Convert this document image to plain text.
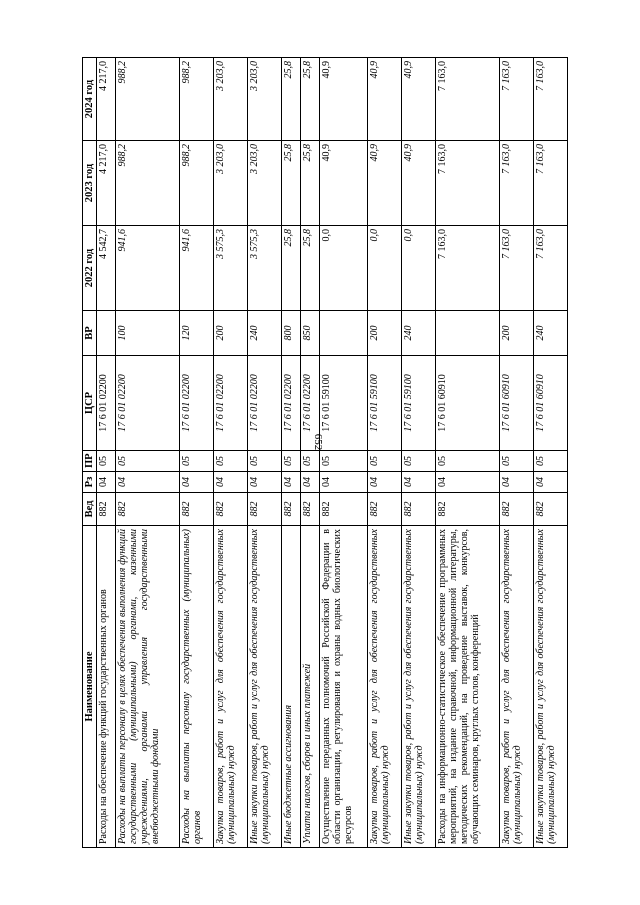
652
Наименование	Вед	Рз	ПР	ЦСР	ВР	2022 год	2023 год	2024 год
Расходы на обеспечение функций государственных органов	882	04	05	17 6 01 02200		4 542,7	4 217,0	4 217,0
Расходы на выплаты персоналу в целях обеспечения выполнения функций государственными (муниципальными) органами, казенными учреждениями, органами управления государственными внебюджетными фондами	882	04	05	17 6 01 02200	100	941,6	988,2	988,2
Расходы на выплаты персоналу государственных (муниципальных) органов	882	04	05	17 6 01 02200	120	941,6	988,2	988,2
Закупка товаров, работ и услуг для обеспечения государственных (муниципальных) нужд	882	04	05	17 6 01 02200	200	3 575,3	3 203,0	3 203,0
Иные закупки товаров, работ и услуг для обеспечения государственных (муниципальных) нужд	882	04	05	17 6 01 02200	240	3 575,3	3 203,0	3 203,0
Иные бюджетные ассигнования	882	04	05	17 6 01 02200	800	25,8	25,8	25,8
Уплата налогов, сборов и иных платежей	882	04	05	17 6 01 02200	850	25,8	25,8	25,8
Осуществление переданных полномочий Российской Федерации в области организации, регулирования и охраны водных биологических ресурсов	882	04	05	17 6 01 59100		0,0	40,9	40,9
Закупка товаров, работ и услуг для обеспечения государственных (муниципальных) нужд	882	04	05	17 6 01 59100	200	0,0	40,9	40,9
Иные закупки товаров, работ и услуг для обеспечения государственных (муниципальных) нужд	882	04	05	17 6 01 59100	240	0,0	40,9	40,9
Расходы на информационно-статистическое обеспечение программных мероприятий, на издание справочной, информационной литературы, методических рекомендаций, на проведение выставок, конкурсов, обучающих семинаров, круглых столов, конференций	882	04	05	17 6 01 60910		7 163,0	7 163,0	7 163,0
Закупка товаров, работ и услуг для обеспечения государственных (муниципальных) нужд	882	04	05	17 6 01 60910	200	7 163,0	7 163,0	7 163,0
Иные закупки товаров, работ и услуг для обеспечения государственных (муниципальных) нужд	882	04	05	17 6 01 60910	240	7 163,0	7 163,0	7 163,0
